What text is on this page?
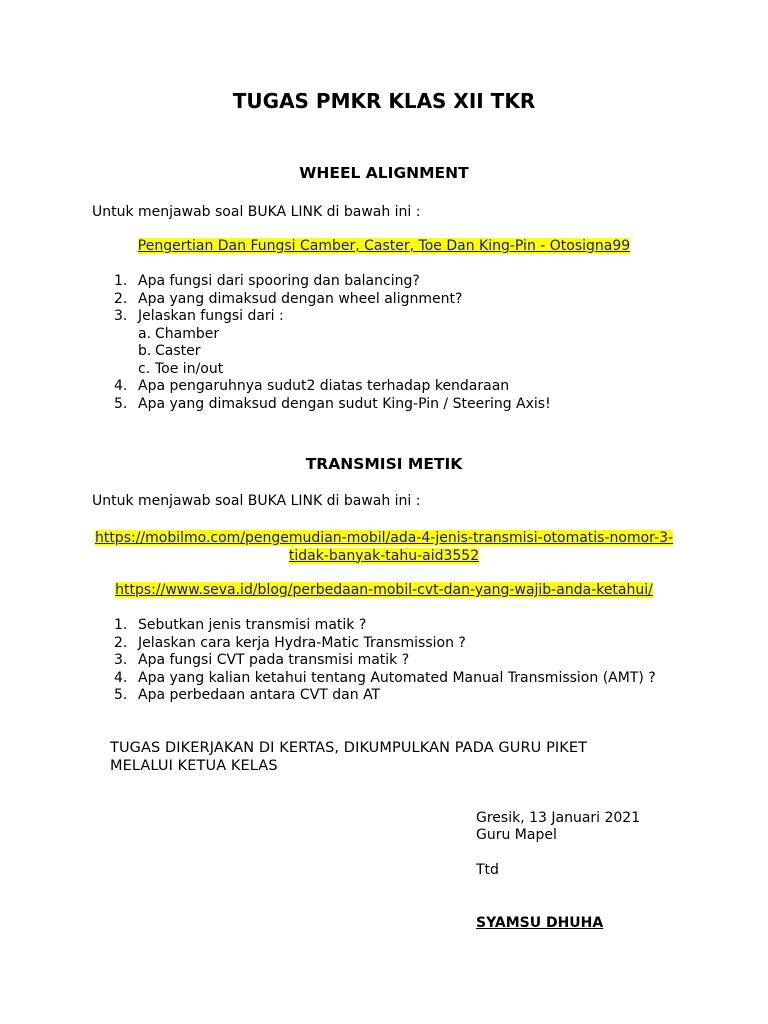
TUGAS PMKR KLAS XII TKR
WHEEL ALIGNMENT
Untuk menjawab soal BUKA LINK di bawah ini :
Pengertian Dan Fungsi Camber, Caster, Toe Dan King-Pin - Otosigna99
1. Apa fungsi dari spooring dan balancing?
2. Apa yang dimaksud dengan wheel alignment?
3. Jelaskan fungsi dari :
a. Chamber
b. Caster
c. Toe in/out
4. Apa pengaruhnya sudut2 diatas terhadap kendaraan
5. Apa yang dimaksud dengan sudut King-Pin / Steering Axis!
TRANSMISI METIK
Untuk menjawab soal BUKA LINK di bawah ini :
https://mobilmo.com/pengemudian-mobil/ada-4-jenis-transmisi-otomatis-nomor-3-
tidak-banyak-tahu-aid3552
https://www.seva.id/blog/perbedaan-mobil-cvt-dan-yang-wajib-anda-ketahui/
1. Sebutkan jenis transmisi matik ?
2. Jelaskan cara kerja Hydra-Matic Transmission ?
3. Apa fungsi CVT pada transmisi matik ?
4. Apa yang kalian ketahui tentang Automated Manual Transmission (AMT) ?
5. Apa perbedaan antara CVT dan AT
TUGAS DIKERJAKAN DI KERTAS, DIKUMPULKAN PADA GURU PIKET
MELALUI KETUA KELAS
Gresik, 13 Januari 2021
Guru Mapel
Ttd
SYAMSU DHUHA
